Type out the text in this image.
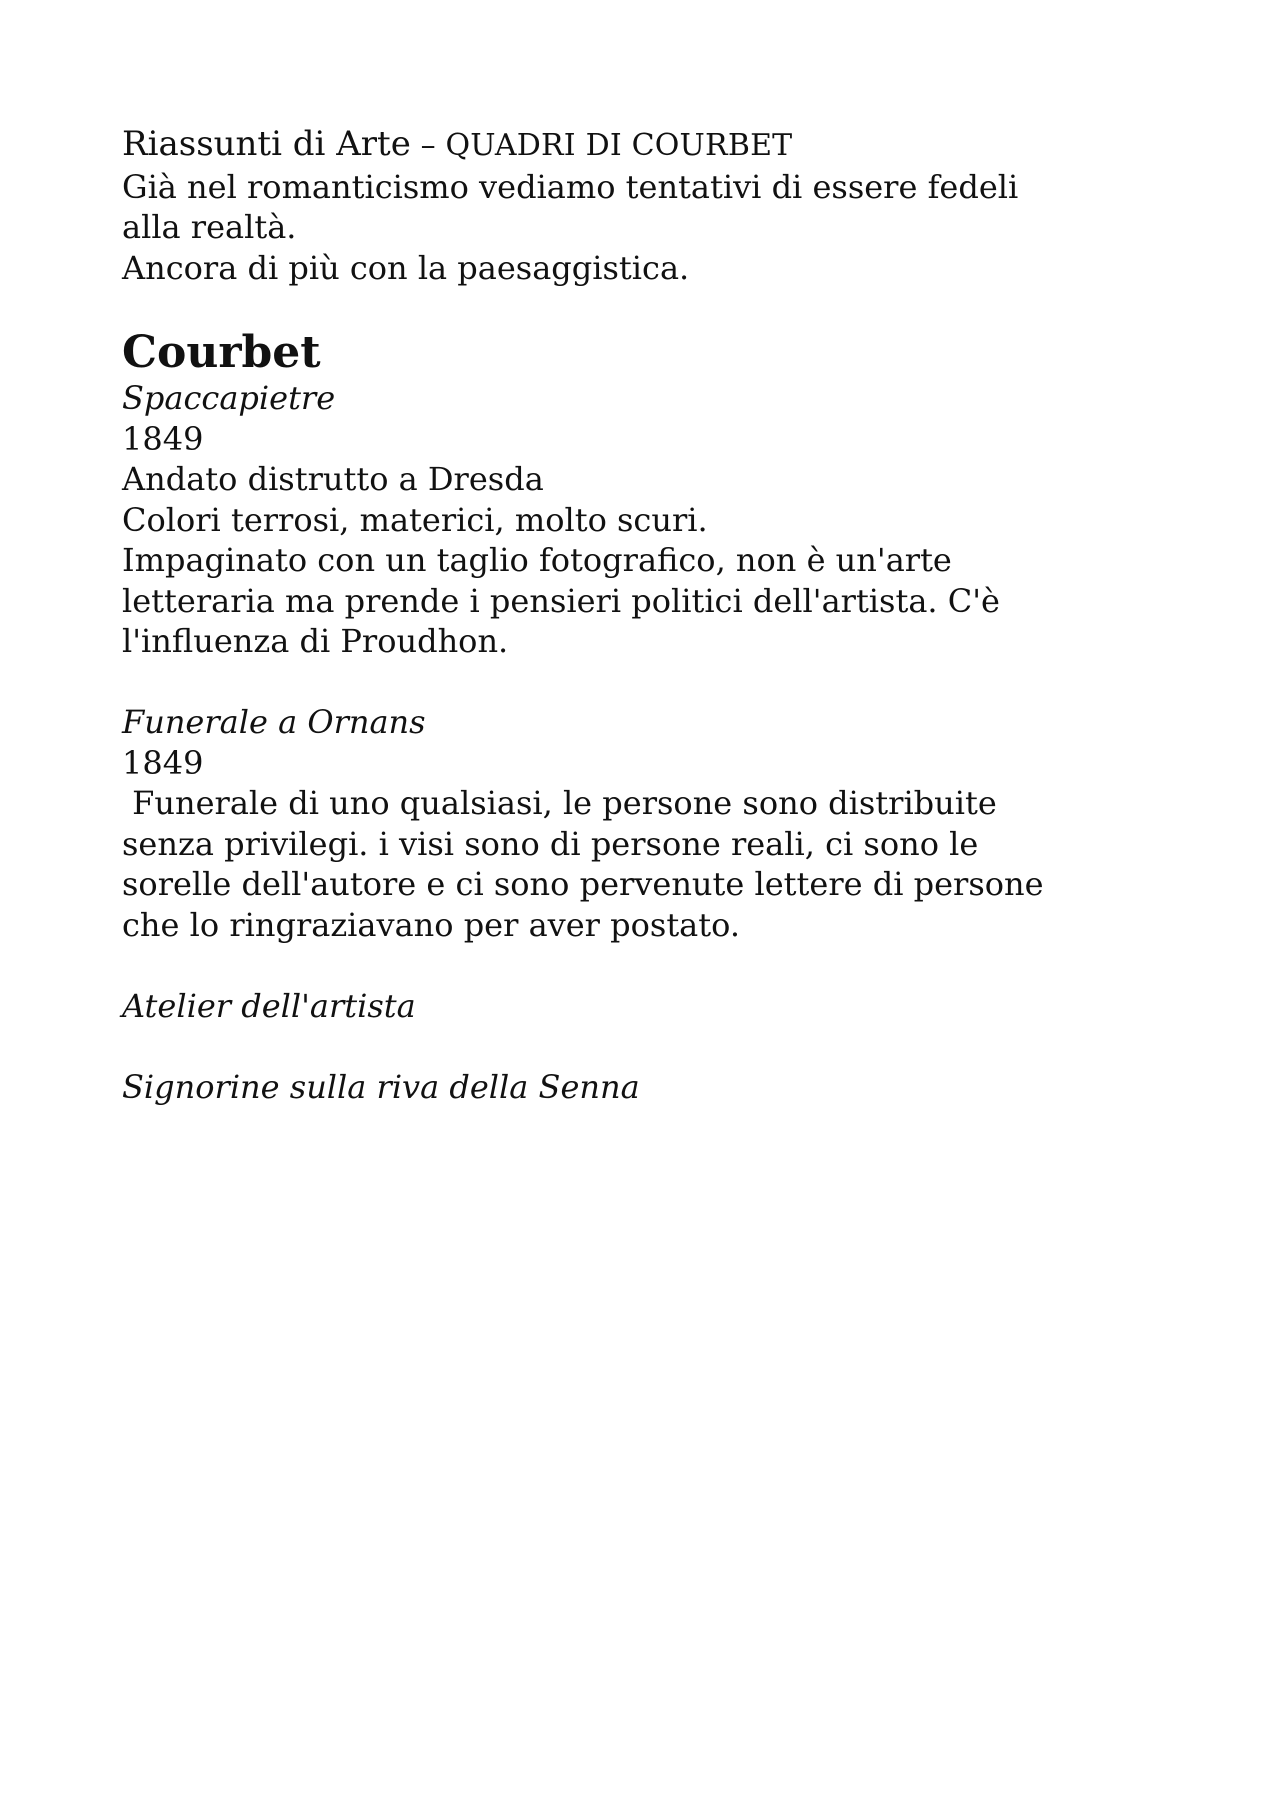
Riassunti di Arte – QUADRI DI COURBET
Già nel romanticismo vediamo tentativi di essere fedeli
alla realtà.
Ancora di più con la paesaggistica.
Courbet
Spaccapietre
1849
Andato distrutto a Dresda
Colori terrosi, materici, molto scuri.
Impaginato con un taglio fotografico, non è un'arte
letteraria ma prende i pensieri politici dell'artista. C'è
l'influenza di Proudhon.
Funerale a Ornans
1849
Funerale di uno qualsiasi, le persone sono distribuite
senza privilegi. i visi sono di persone reali, ci sono le
sorelle dell'autore e ci sono pervenute lettere di persone
che lo ringraziavano per aver postato.
Atelier dell'artista
Signorine sulla riva della Senna
